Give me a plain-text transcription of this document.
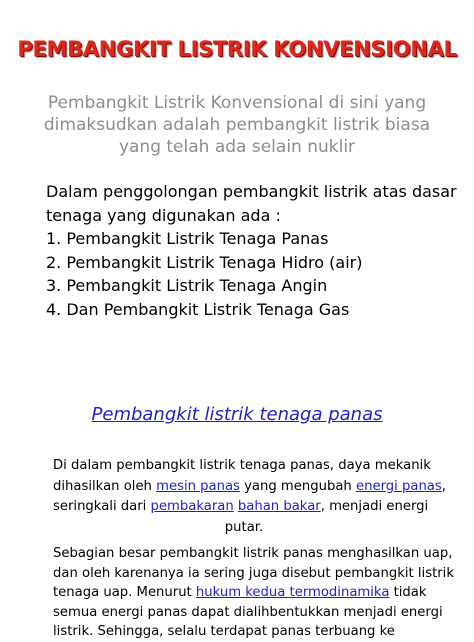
PEMBANGKIT LISTRIK KONVENSIONAL
Pembangkit Listrik Konvensional di sini yang
dimaksudkan adalah pembangkit listrik biasa
yang telah ada selain nuklir
Dalam penggolongan pembangkit listrik atas dasar
tenaga yang digunakan ada :
1. Pembangkit Listrik Tenaga Panas
2. Pembangkit Listrik Tenaga Hidro (air)
3. Pembangkit Listrik Tenaga Angin
4. Dan Pembangkit Listrik Tenaga Gas
Pembangkit listrik tenaga panas
Di dalam pembangkit listrik tenaga panas, daya mekanik
dihasilkan oleh mesin panas yang mengubah energi panas,
seringkali dari pembakaran bahan bakar, menjadi energi
putar.
Sebagian besar pembangkit listrik panas menghasilkan uap,
dan oleh karenanya ia sering juga disebut pembangkit listrik
tenaga uap. Menurut hukum kedua termodinamika tidak
semua energi panas dapat dialihbentukkan menjadi energi
listrik. Sehingga, selalu terdapat panas terbuang ke
